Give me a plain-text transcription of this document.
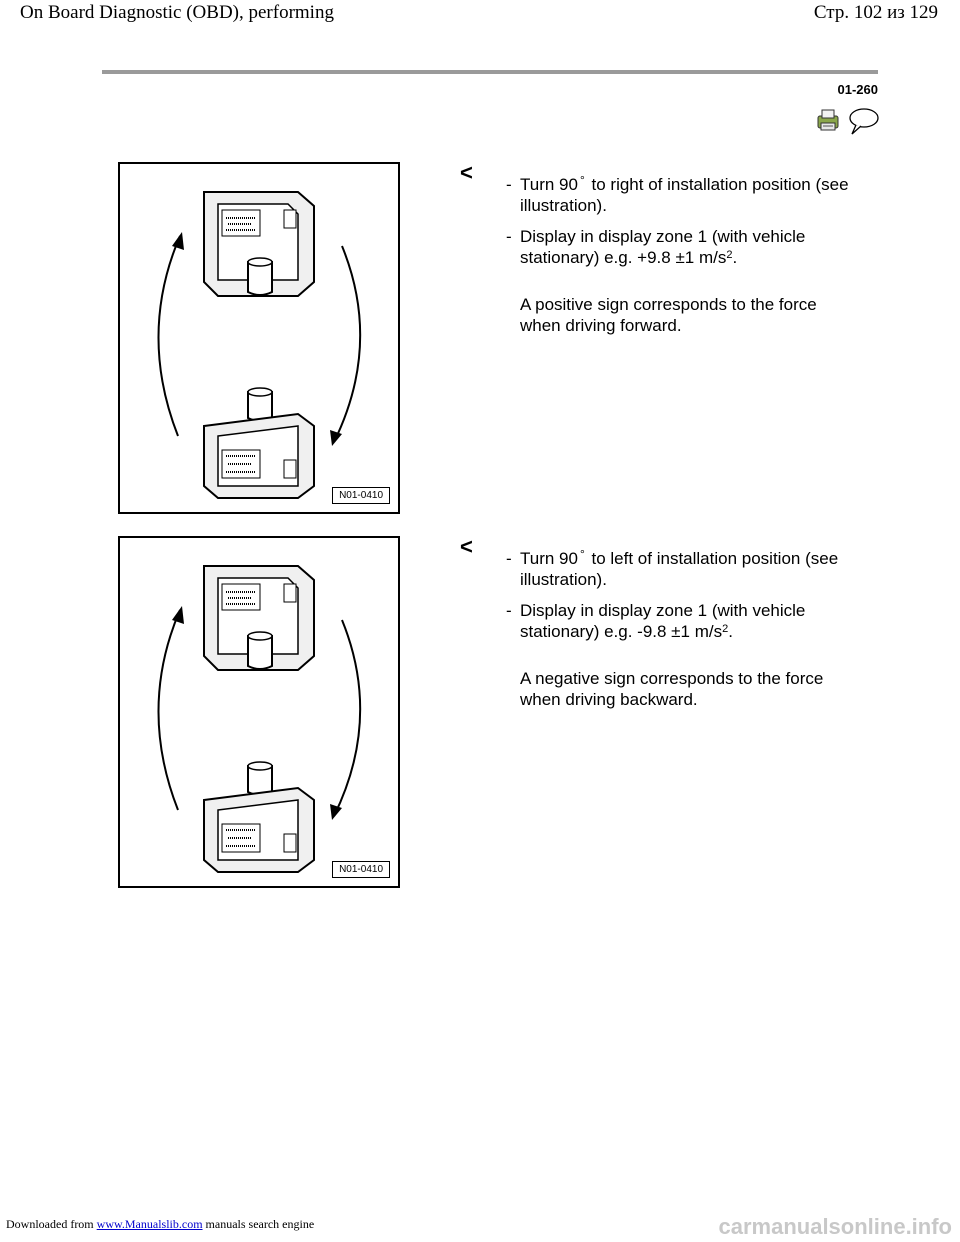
On Board Diagnostic (OBD), performing	Стр. 102 из 129
01-260
N01-0410
< - Turn 90 ° to right of installation position (see illustration).
- Display in display zone 1 (with vehicle stationary) e.g. +9.8 ±1 $m/s^2$.
A positive sign corresponds to the force when driving forward.
N01-0410
< - Turn 90 ° to left of installation position (see illustration).
- Display in display zone 1 (with vehicle stationary) e.g. -9.8 ±1 $m/s^2$.
A negative sign corresponds to the force when driving backward.
Downloaded from www.Manualslib.com manuals search engine	carmanualsonline.info
